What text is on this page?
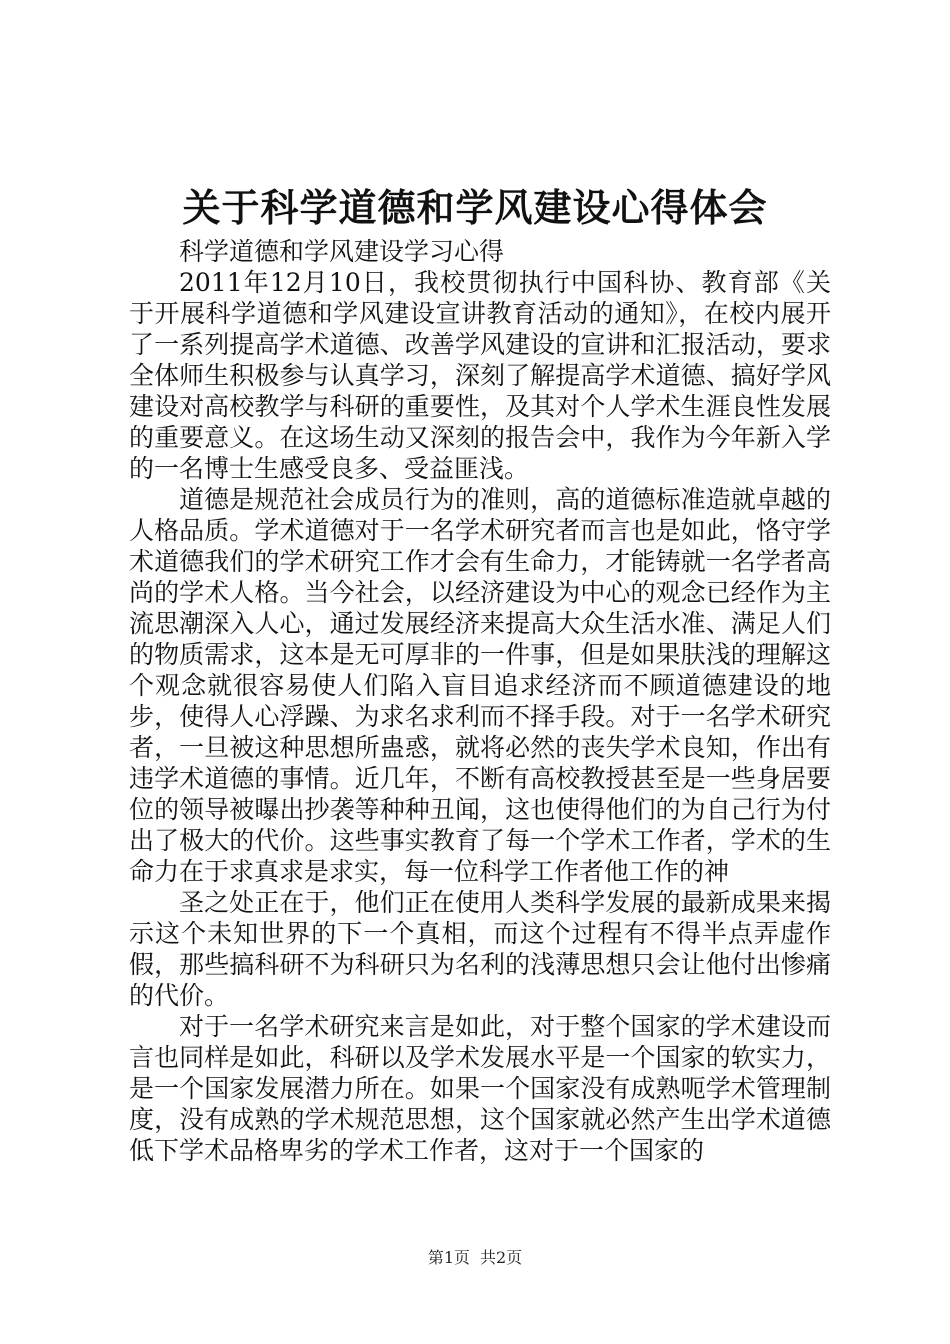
关于科学道德和学风建设心得体会

科学道德和学风建设学习心得

2011年12月10日，我校贯彻执行中国科协、教育部《关于开展科学道德和学风建设宣讲教育活动的通知》，在校内展开了一系列提高学术道德、改善学风建设的宣讲和汇报活动，要求全体师生积极参与认真学习，深刻了解提高学术道德、搞好学风建设对高校教学与科研的重要性，及其对个人学术生涯良性发展的重要意义。在这场生动又深刻的报告会中，我作为今年新入学的一名博士生感受良多、受益匪浅。

道德是规范社会成员行为的准则，高的道德标准造就卓越的人格品质。学术道德对于一名学术研究者而言也是如此，恪守学术道德我们的学术研究工作才会有生命力，才能铸就一名学者高尚的学术人格。当今社会，以经济建设为中心的观念已经作为主流思潮深入人心，通过发展经济来提高大众生活水准、满足人们的物质需求，这本是无可厚非的一件事，但是如果肤浅的理解这个观念就很容易使人们陷入盲目追求经济而不顾道德建设的地步，使得人心浮躁、为求名求利而不择手段。对于一名学术研究者，一旦被这种思想所蛊惑，就将必然的丧失学术良知，作出有违学术道德的事情。近几年，不断有高校教授甚至是一些身居要位的领导被曝出抄袭等种种丑闻，这也使得他们的为自己行为付出了极大的代价。这些事实教育了每一个学术工作者，学术的生命力在于求真求是求实，每一位科学工作者他工作的神

圣之处正在于，他们正在使用人类科学发展的最新成果来揭示这个未知世界的下一个真相，而这个过程有不得半点弄虚作假，那些搞科研不为科研只为名利的浅薄思想只会让他付出惨痛的代价。

对于一名学术研究来言是如此，对于整个国家的学术建设而言也同样是如此，科研以及学术发展水平是一个国家的软实力，是一个国家发展潜力所在。如果一个国家没有成熟呃学术管理制度，没有成熟的学术规范思想，这个国家就必然产生出学术道德低下学术品格卑劣的学术工作者，这对于一个国家的

第1页 共2页
